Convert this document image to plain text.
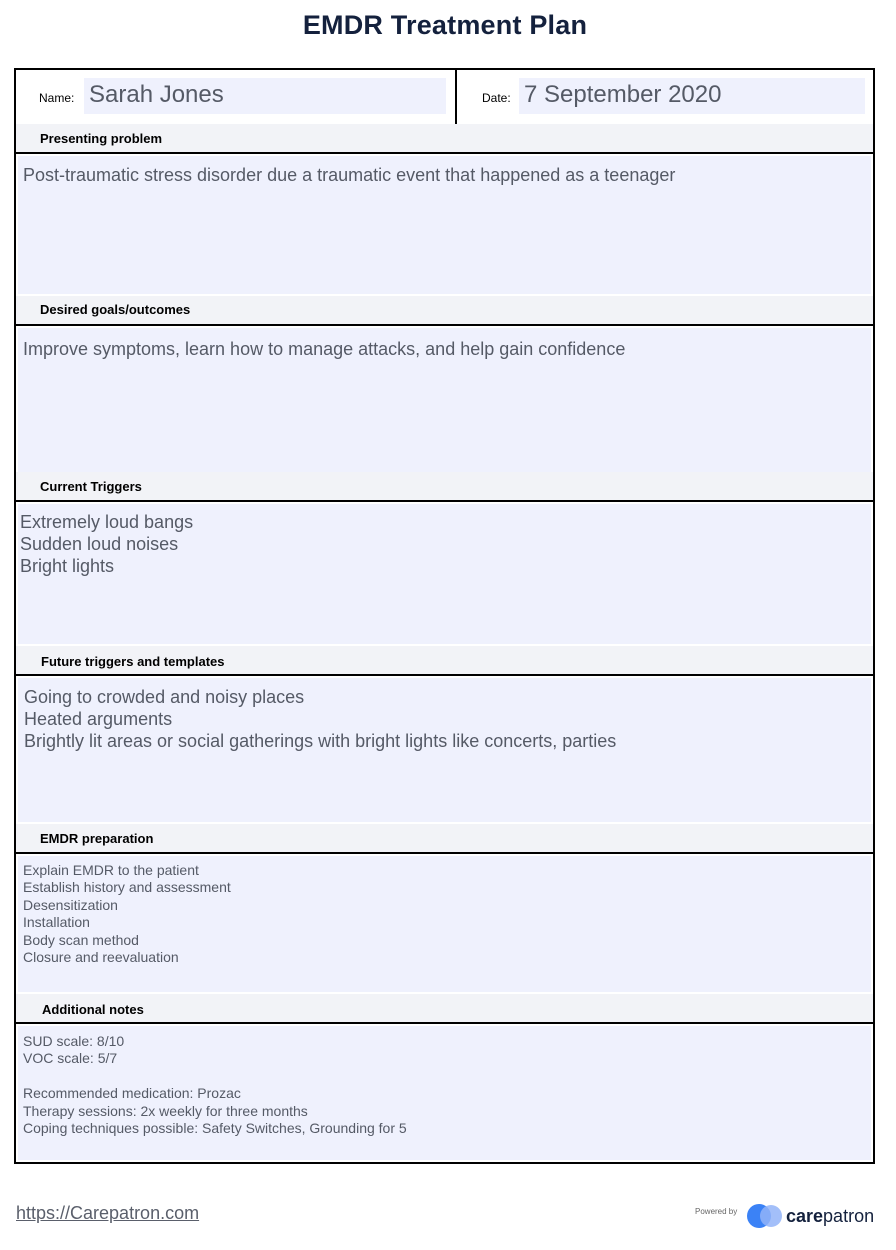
EMDR Treatment Plan
Name: Sarah Jones	Date: 7 September 2020
Presenting problem
Post-traumatic stress disorder due a traumatic event that happened as a teenager
Desired goals/outcomes
Improve symptoms, learn how to manage attacks, and help gain confidence
Current Triggers
Extremely loud bangs
Sudden loud noises
Bright lights
Future triggers and templates
Going to crowded and noisy places
Heated arguments
Brightly lit areas or social gatherings with bright lights like concerts, parties
EMDR preparation
Explain EMDR to the patient
Establish history and assessment
Desensitization
Installation
Body scan method
Closure and reevaluation
Additional notes
SUD scale: 8/10
VOC scale: 5/7

Recommended medication: Prozac
Therapy sessions: 2x weekly for three months
Coping techniques possible: Safety Switches, Grounding for 5
https://Carepatron.com	Powered by	carepatron
